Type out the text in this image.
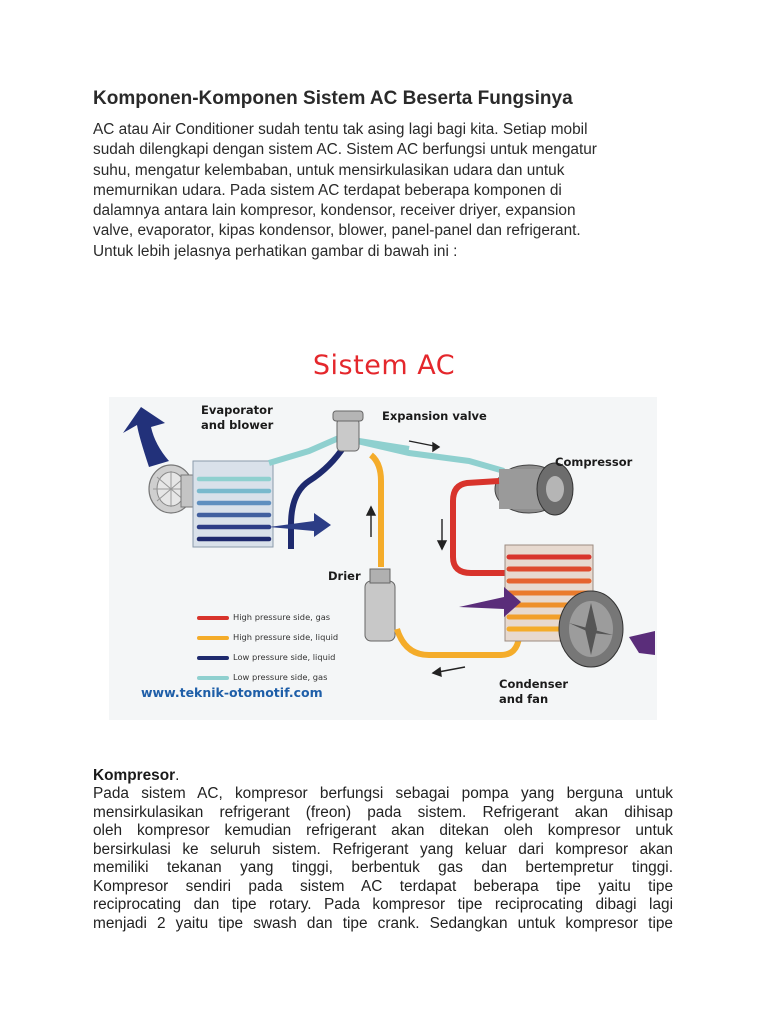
Komponen-Komponen Sistem AC Beserta Fungsinya

AC atau Air Conditioner sudah tentu tak asing lagi bagi kita. Setiap mobil
sudah dilengkapi dengan sistem AC. Sistem AC berfungsi untuk mengatur
suhu, mengatur kelembaban, untuk mensirkulasikan udara dan untuk
memurnikan udara. Pada sistem AC terdapat beberapa komponen di
dalamnya antara lain kompresor, kondensor, receiver driyer, expansion
valve, evaporator, kipas kondensor, blower, panel-panel dan refrigerant.
Untuk lebih jelasnya perhatikan gambar di bawah ini :

Sistem AC
Evaporator
and blower
Expansion valve
Compressor
Drier
Condenser
and fan
High pressure side, gas
High pressure side, liquid
Low pressure side, liquid
Low pressure side, gas
www.teknik-otomotif.com
Kompresor.

Pada sistem AC, kompresor berfungsi sebagai pompa yang berguna untuk
mensirkulasikan refrigerant (freon) pada sistem. Refrigerant akan dihisap
oleh kompresor kemudian refrigerant akan ditekan oleh kompresor untuk
bersirkulasi ke seluruh sistem. Refrigerant yang keluar dari kompresor akan
memiliki tekanan yang tinggi, berbentuk gas dan bertempretur tinggi.
Kompresor sendiri pada sistem AC terdapat beberapa tipe yaitu tipe
reciprocating dan tipe rotary. Pada kompresor tipe reciprocating dibagi lagi
menjadi 2 yaitu tipe swash dan tipe crank. Sedangkan untuk kompresor tipe
